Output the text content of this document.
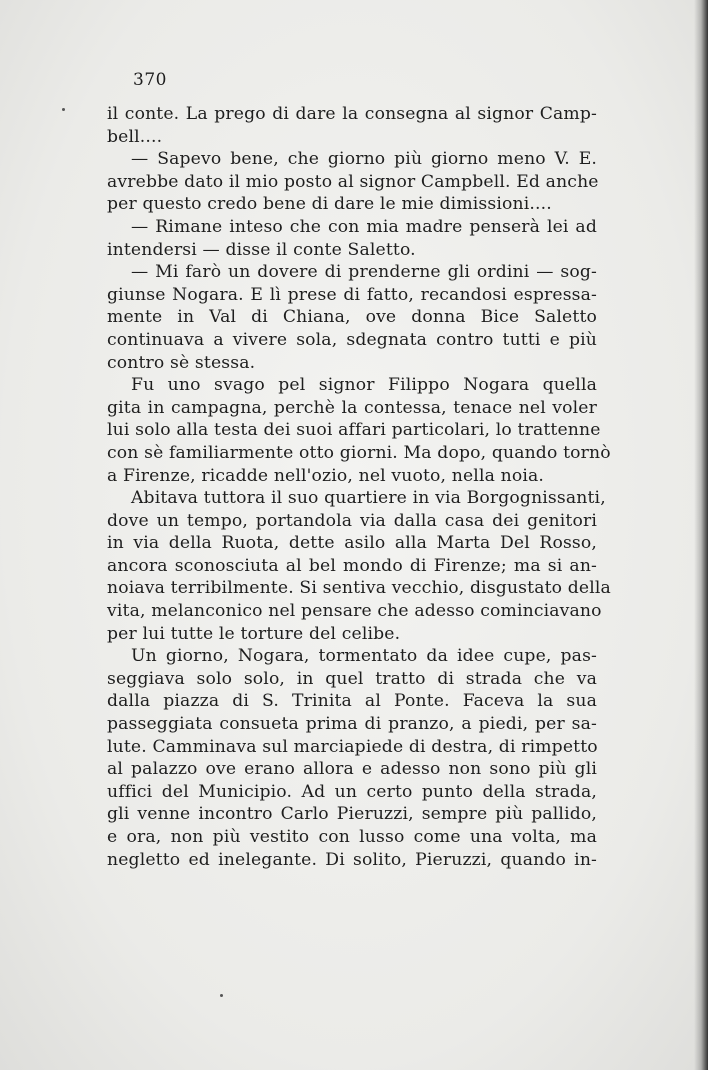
370
il conte. La prego di dare la consegna al signor Camp-
bell....
— Sapevo bene, che giorno più giorno meno V. E.
avrebbe dato il mio posto al signor Campbell. Ed anche
per questo credo bene di dare le mie dimissioni....
— Rimane inteso che con mia madre penserà lei ad
intendersi — disse il conte Saletto.
— Mi farò un dovere di prenderne gli ordini — sog-
giunse Nogara. E lì prese di fatto, recandosi espressa-
mente in Val di Chiana, ove donna Bice Saletto
continuava a vivere sola, sdegnata contro tutti e più
contro sè stessa.
Fu uno svago pel signor Filippo Nogara quella
gita in campagna, perchè la contessa, tenace nel voler
lui solo alla testa dei suoi affari particolari, lo trattenne
con sè familiarmente otto giorni. Ma dopo, quando tornò
a Firenze, ricadde nell'ozio, nel vuoto, nella noia.
Abitava tuttora il suo quartiere in via Borgognissanti,
dove un tempo, portandola via dalla casa dei genitori
in via della Ruota, dette asilo alla Marta Del Rosso,
ancora sconosciuta al bel mondo di Firenze; ma si an-
noiava terribilmente. Si sentiva vecchio, disgustato della
vita, melanconico nel pensare che adesso cominciavano
per lui tutte le torture del celibe.
Un giorno, Nogara, tormentato da idee cupe, pas-
seggiava solo solo, in quel tratto di strada che va
dalla piazza di S. Trinita al Ponte. Faceva la sua
passeggiata consueta prima di pranzo, a piedi, per sa-
lute. Camminava sul marciapiede di destra, di rimpetto
al palazzo ove erano allora e adesso non sono più gli
uffici del Municipio. Ad un certo punto della strada,
gli venne incontro Carlo Pieruzzi, sempre più pallido,
e ora, non più vestito con lusso come una volta, ma
negletto ed inelegante. Di solito, Pieruzzi, quando in-
